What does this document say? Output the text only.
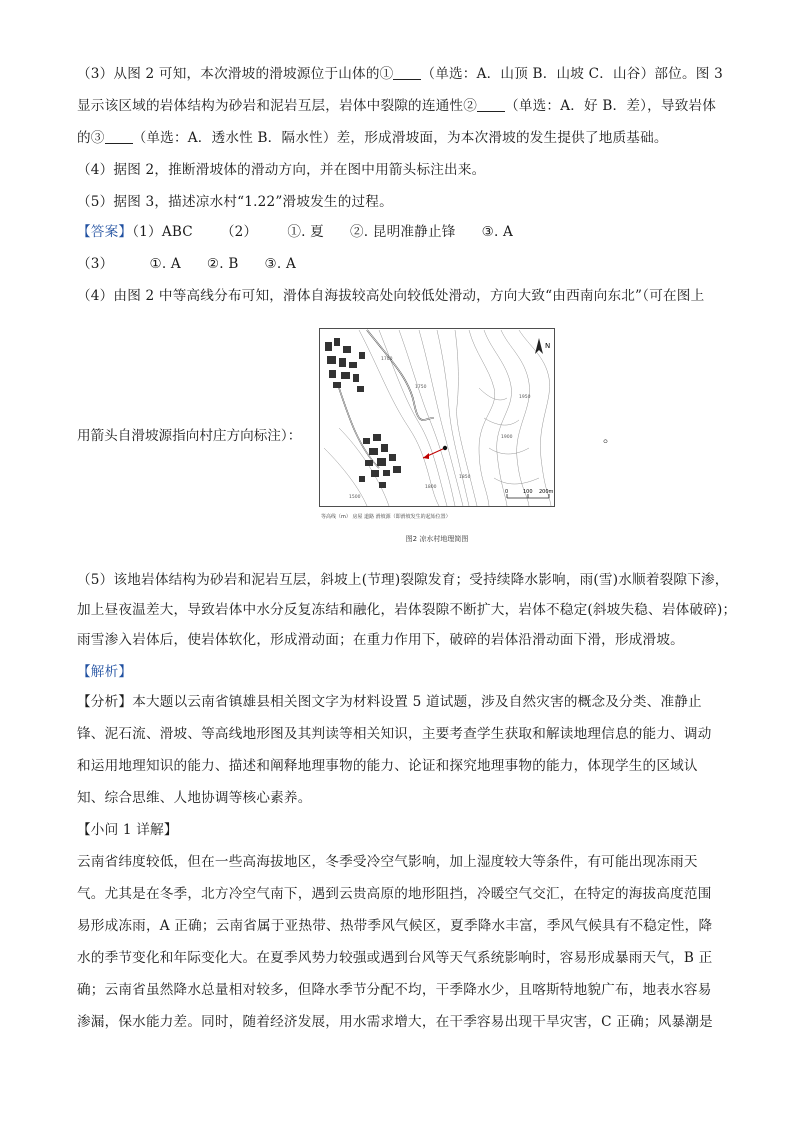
（3）从图 2 可知，本次滑坡的滑坡源位于山体的① （单选：A．山顶 B．山坡 C．山谷）部位。图 3
显示该区域的岩体结构为砂岩和泥岩互层，岩体中裂隙的连通性② （单选：A．好 B．差），导致岩体
的③ （单选：A．透水性 B．隔水性）差，形成滑坡面，为本次滑坡的发生提供了地质基础。
（4）据图 2，推断滑坡体的滑动方向，并在图中用箭头标注出来。
（5）据图 3，描述凉水村“1.22”滑坡发生的过程。
【答案】（1）ABC （2） ①. 夏 ②. 昆明准静止锋 ③. A
（3）	①. A ②. B ③. A
（4）由图 2 中等高线分布可知，滑体自海拔较高处向较低处滑动，方向大致“由西南向东北”（可在图上
用箭头自滑坡源指向村庄方向标注）：	。
N
0	100 200m
1500
1700
1750
1800
1850
1900
1950
等高线（m） 房屋 道路 滑坡源（即滑坡发生的起始位置）
图2 凉水村地理简图
（5）该地岩体结构为砂岩和泥岩互层，斜坡上(节理)裂隙发育；受持续降水影响，雨(雪)水顺着裂隙下渗，
加上昼夜温差大，导致岩体中水分反复冻结和融化，岩体裂隙不断扩大，岩体不稳定(斜坡失稳、岩体破碎)；
雨雪渗入岩体后，使岩体软化，形成滑动面；在重力作用下，破碎的岩体沿滑动面下滑，形成滑坡。
【解析】
【分析】本大题以云南省镇雄县相关图文字为材料设置 5 道试题，涉及自然灾害的概念及分类、准静止
锋、泥石流、滑坡、等高线地形图及其判读等相关知识，主要考查学生获取和解读地理信息的能力、调动
和运用地理知识的能力、描述和阐释地理事物的能力、论证和探究地理事物的能力，体现学生的区域认
知、综合思维、人地协调等核心素养。
【小问 1 详解】
云南省纬度较低，但在一些高海拔地区，冬季受冷空气影响，加上湿度较大等条件，有可能出现冻雨天
气。尤其是在冬季，北方冷空气南下，遇到云贵高原的地形阻挡，冷暖空气交汇，在特定的海拔高度范围
易形成冻雨，A 正确；云南省属于亚热带、热带季风气候区，夏季降水丰富，季风气候具有不稳定性，降
水的季节变化和年际变化大。在夏季风势力较强或遇到台风等天气系统影响时，容易形成暴雨天气，B 正
确；云南省虽然降水总量相对较多，但降水季节分配不均，干季降水少，且喀斯特地貌广布，地表水容易
渗漏，保水能力差。同时，随着经济发展，用水需求增大，在干季容易出现干旱灾害，C 正确；风暴潮是
